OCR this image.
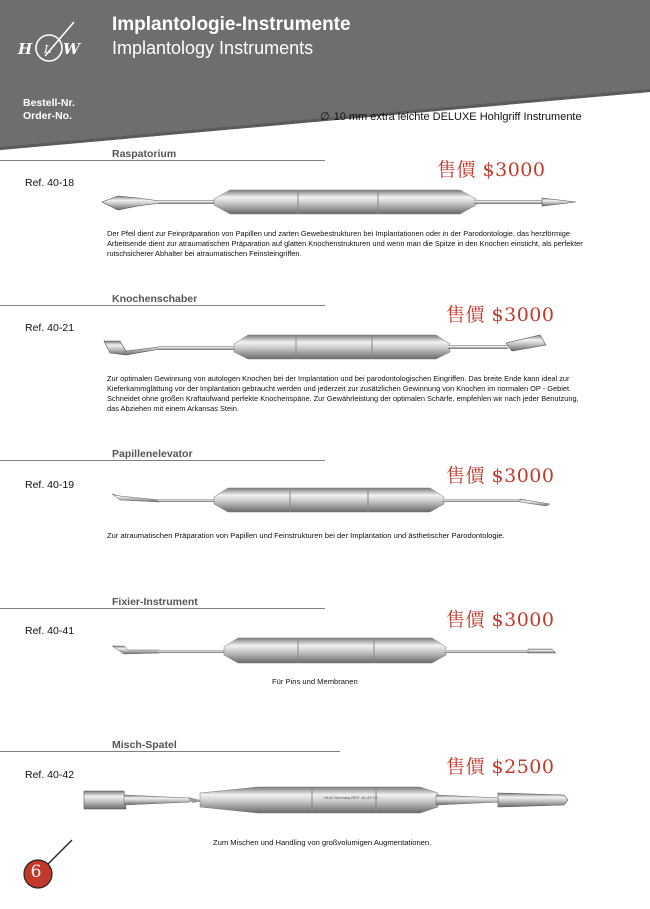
H L W
Implantologie-Instrumente
Implantology Instruments
Bestell-Nr.
Order-No.	∅ 10 mm extra leichte DELUXE Hohlgriff Instrumente
Raspatorium
售價 $3000
Ref. 40-18
Der Pfeil dient zur Feinpräparation von Papillen und zarten Gewebestrukturen bei Implantationen oder in der Parodontologie, das herzförmige Arbeitsende dient zur atraumatischen Präparation auf glatten Knochenstrukturen und wenn man die Spitze in den Knochen einsticht, als perfekter rutschsicherer Abhalter bei atraumatischen Feinsteingriffen.
Knochenschaber
售價 $3000
Ref. 40-21
Zur optimalen Gewinnung von autologen Knochen bei der Implantation und bei parodontologischen Eingriffen. Das breite Ende kann ideal zur Kieferkammglättung vor der Implantation gebraucht werden und jederzeit zur zusätzlichen Gewinnung von Knochen im normalen OP - Gebiet. Schneidet ohne großen Kraftaufwand perfekte Knochenspäne. Zur Gewährleistung der optimalen Schärfe, empfehlen wir nach jeder Benutzung, das Abziehen mit einem Arkansas Stein.
Papillenelevator
售價 $3000
Ref. 40-19
Zur atraumatischen Präparation von Papillen und Feinstrukturen bei der Implantation und ästhetischer Parodontologie.
Fixier-Instrument
售價 $3000
Ref. 40-41
Für Pins und Membranen
Misch-Spatel
售價 $2500
Ref. 40-42
HLW-Germany REF. 40-42 CE
Zum Mischen und Handling von großvolumigen Augmentationen.
6
